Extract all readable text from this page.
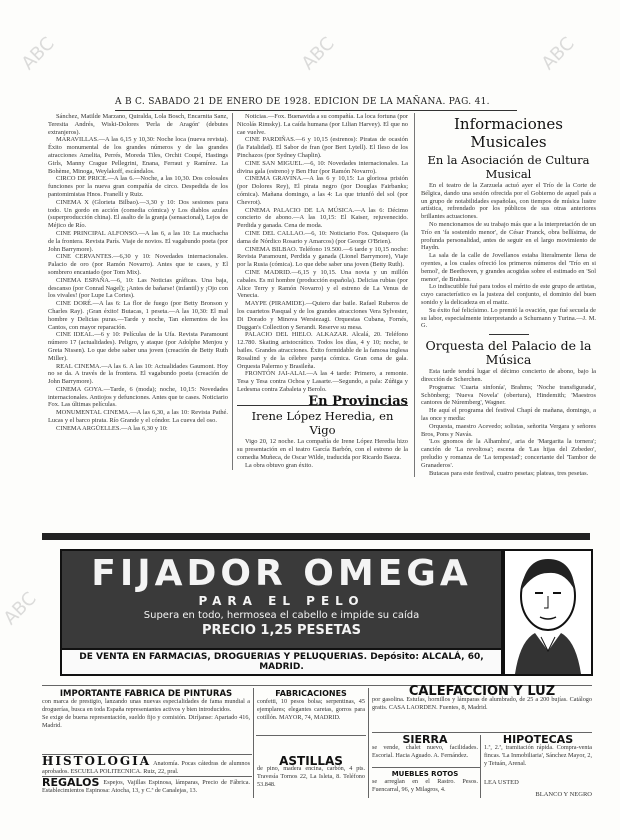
ABC	ABC	ABC
ABC
A B C. SABADO 21 DE ENERO DE 1928. EDICION DE LA MAÑANA. PAG. 41.

Sánchez, Matilde Marzano, Quiralda, Lola Bosch, Encarnita Sanz, Teresita Andrés, Wiski-Dolores 'Perla de Aragón' (debutes extranjeros).

MARAVILLAS.—A las 6,15 y 10,30: Noche loca (nueva revista). Éxito monumental de los grandes números y de las grandes atracciones Amelita, Perrés, Moreda Tiles, Orchit Coupé, Hastings Girls, Manny Crague Pellegrini, Enana, Ferraut y Ramírez. La Bohème, Minoga, Weylakoff, escándalos.

CIRCO DE PRICE.—A las 6.—Noche, a las 10,30. Dos colosales funciones por la nueva gran compañía de circo. Despedida de los pantomimistas Hnos. Franelli y Ruiz.

CINEMA X (Glorieta Bilbao).—3,30 y 10: Dos sesiones para todo. Un gordo en acción (comedia cómica) y Los diablos azules (superproducción china). El asalto de la granja (sensacional), Lejos de Méjico de Río.

CINE PRINCIPAL ALFONSO.—A las 6, a las 10: La muchacha de la frontera. Revista París. Viaje de novios. El vagabundo poeta (por John Barrymore).

CINE CERVANTES.—6,30 y 10: Novedades internacionales. Palacio de oro (por Ramón Novarro). Antes que te cases, y El sombrero encantado (por Tom Mix).

CINEMA ESPAÑA.—6, 10: Las Noticias gráficas. Una baja, descanso (por Conrad Nagel); ¡Antes de bañarse! (infantil) y ¡Ojo con los vivales! (por Lupe La Cortes).

CINE DORÉ.—A las 6: La flor de fuego (por Betty Bronson y Charles Ray). ¡Gran éxito! Butacas, 1 peseta.—A las 10,30: El mal hombre y Delicias puras.—Tarde y noche, Tan elementos de los Cantos, con mayor reparación.

CINE IDEAL.—6 y 10: Películas de la Ufa. Revista Paramount número 17 (actualidades). Peligro, y ataque (por Adolphe Menjou y Greta Nissen). Lo que debe saber una joven (creación de Betty Ruth Miller).

REAL CINEMA.—A las 6. A las 10: Actualidades Gaumont. Hoy no se da. A través de la frontera. El vagabundo poeta (creación de John Barrymore).

CINEMA GOYA.—Tarde, 6 (moda); noche, 10,15: Novedades internacionales. Antiojos y defunciones. Antes que te cases. Noticiario Fox. Las últimas películas.

MONUMENTAL CINEMA.—A las 6,30, a las 10: Revista Pathé. Lucas y el barco pirata. Río Grande y el cóndor. La cueva del oso.

CINEMA ARGÜELLES.—A las 6,30 y 10:

Noticias.—Fox. Buenavida a su compañía. La loca fortuna (por Nicolás Rimsky). La caída humana (por Lilian Harvey). El que no cae vuelve.

CINE PARDIÑAS.—6 y 10,15 (estrenos): Piratas de ocasión (la Fatalidad). El Sabor de fran (por Bert Lytell). El Ileso de los Pinchazos (por Sydney Chaplin).

CINE SAN MIGUEL.—6, 10: Novedades internacionales. La divina gala (estreno) y Ben Hur (por Ramón Novarro).

CINEMA GRAVINA.—A las 6 y 10,15: La gloriosa prisión (por Dolores Rey), El pirata negro (por Douglas Fairbanks; cómica). Mañana domingo, a las 4: La que triunfó del sol (por Chevrot).

CINEMA PALACIO DE LA MÚSICA.—A las 6: Décimo concierto de abono.—A las 10,15: El Kaiser, rejuvenecido. Perdida y ganada. Cena de moda.

CINE DEL CALLAO.—6, 10: Noticiario Fox. Quisquero (la dama de Nórdico Rosario y Amarcos) (por George O'Brien).

CINEMA BILBAO. Teléfono 19.500.—6 tarde y 10,15 noche: Revista Paramount, Perdida y ganada (Lionel Barrymore), Viaje por la Rusia (cómica). Lo que debe saber una joven (Betty Ruth).

CINE MADRID.—6,15 y 10,15. Una novia y un millón cabales. Es mi hombre (producción española). Delicias rubias (por Alice Terry y Ramón Novarro) y el estreno de La Venus de Venecia.

MAYPE (PIRAMIDE).—Quiero dar baile. Rafael Ruberos de los cuartetos Pasqual y de los grandes atracciones Vera Sylvester, Di Dorado y Minova Wersiezagi. Orquestas Cubana, Fornés, Duggan's Collection y Serandi. Reserve su mesa.

PALACIO DEL HIELO. ALKAZAR. Alcalá, 20. Teléfono 12.780. Skating aristocrático. Todos los días, 4 y 10; noche, te bailes. Grandes atracciones. Éxito formidable de la famosa inglesa Rosalind y de la célebre pareja cómica. Gran cena de gala. Orquesta Palermo y Brasileña.

FRONTÓN JAI-ALAI.—A las 4 tarde: Primero, a remonte. Tesa y Tesa contra Ochoa y Lasarte.—Segundo, a pala: Zúñiga y Ledesma contra Zabaleta y Berolo.

En Provincias
Irene López Heredia, en Vigo

Vigo 20, 12 noche. La compañía de Irene López Heredia hizo su presentación en el teatro García Barbón, con el estreno de la comedia Muñeca, de Oscar Wilde, traducida por Ricardo Baeza.

La obra obtuvo gran éxito.

Informaciones Musicales
En la Asociación de Cultura Musical

En el teatro de la Zarzuela actuó ayer el Trío de la Corte de Bélgica, dando una sesión ofrecida por el Gobierno de aquel país a un grupo de notabilidades españolas, con tiempos de música lustre artística, refrendado por los públicos de sus otras anteriores brillantes actuaciones.

No mencionamos de su trabajo más que a la interpretación de un Trío en 'fa sostenido menor', de César Franck, obra bellísima, de profunda personalidad, antes de seguir en el largo movimiento de Haydn.

La sala de la calle de Jovellanos estaba literalmente llena de oyentes, a los cuales ofreció los primeros números del 'Trío en si bemol', de Beethoven, y grandes acogidas sobre el estimado en 'Sol menor', de Brahms.

Lo indiscutible fué para todos el mérito de este grupo de artistas, cuyo característico es la justeza del conjunto, el dominio del buen sonido y la delicadeza en el matiz.

Su éxito fué felicísimo. Lo premió la ovación, que fué secuela de su labor, especialmente interpretando a Schumann y Turina.—J. M. G.

Orquesta del Palacio de la Música

Esta tarde tendrá lugar el décimo concierto de abono, bajo la dirección de Scherchen.

Programa: 'Cuarta sinfonía', Brahms; 'Noche transfigurada', Schönberg; 'Nueva Novela' (obertura), Hindemith; 'Maestros cantores de Núremberg', Wagner.

He aquí el programa del festival Chapí de mañana, domingo, a las once y media:

Orquesta, maestro Acevedo; solistas, señorita Vergara y señores Bros, Pons y Navás.

'Los gnomos de la Alhambra', aria de 'Margarita la tornera'; canción de 'La revoltosa'; escena de 'Las hijas del Zebedeo', preludio y romanza de 'La tempestad'; concertante del 'Tambor de Granaderos'.

Butacas para este festival, cuatro pesetas; plateas, tres pesetas.

FIJADOR OMEGA
PARA EL PELO
Supera en todo, hermosea el cabello e impide su caída
PRECIO 1,25 PESETAS
DE VENTA EN FARMACIAS, DROGUERIAS Y PELUQUERIAS. Depósito: ALCALÁ, 60, MADRID.
IMPORTANTE FABRICA DE PINTURAS
con marca de prestigio, lanzando unas nuevas especialidades de fama mundial a droguerías, busca en toda España representantes activos y bien introducidos.
Se exige de buena representación, sueldo fijo y comisión. Diríjanse: Apartado 416, Madrid.
HISTOLOGIA Anatomía. Pocas cátedras de alumnos aprobados. ESCUELA POLITECNICA. Ruiz, 22, pral.
REGALOS Espejos, Vajillas Espinosa, lámparas, Precio de Fábrica. Establecimientos Espinosa: Atocha, 13, y C.ª de Canalejas, 13.
FABRICACIONES
confetti, 10 pesos bolsa; serpentinas, 45 ejemplares; elegantes caretas, gorros para cotillón. MAYOR, 74, MADRID.
ASTILLAS
de pino, madera encina, carbón, 4 pts. Travesía Tornos 22, La Isleta, 8. Teléfono 53.848.
CALEFACCION Y LUZ
por gasolina. Estufas, hornillos y lámparas de alumbrado, de 25 a 200 bujías. Catálogo gratis. CASA LAORDEN. Fuentes, 8, Madrid.
SIERRA
se vende, chalet nuevo, facilidades. Escorial. Hacia Aguado. A. Fernández.
MUEBLES ROTOS
se arreglan en el Rastro. Pesos. Fuencarral, 96, y Milagros, 4.
HIPOTECAS
1.ª, 2.ª, tramitación rápida. Compra-venta fincas. 'La Inmobiliaria', Sánchez Mayor, 2, y Tetuán, Arenal.
LEA USTED
BLANCO Y NEGRO
